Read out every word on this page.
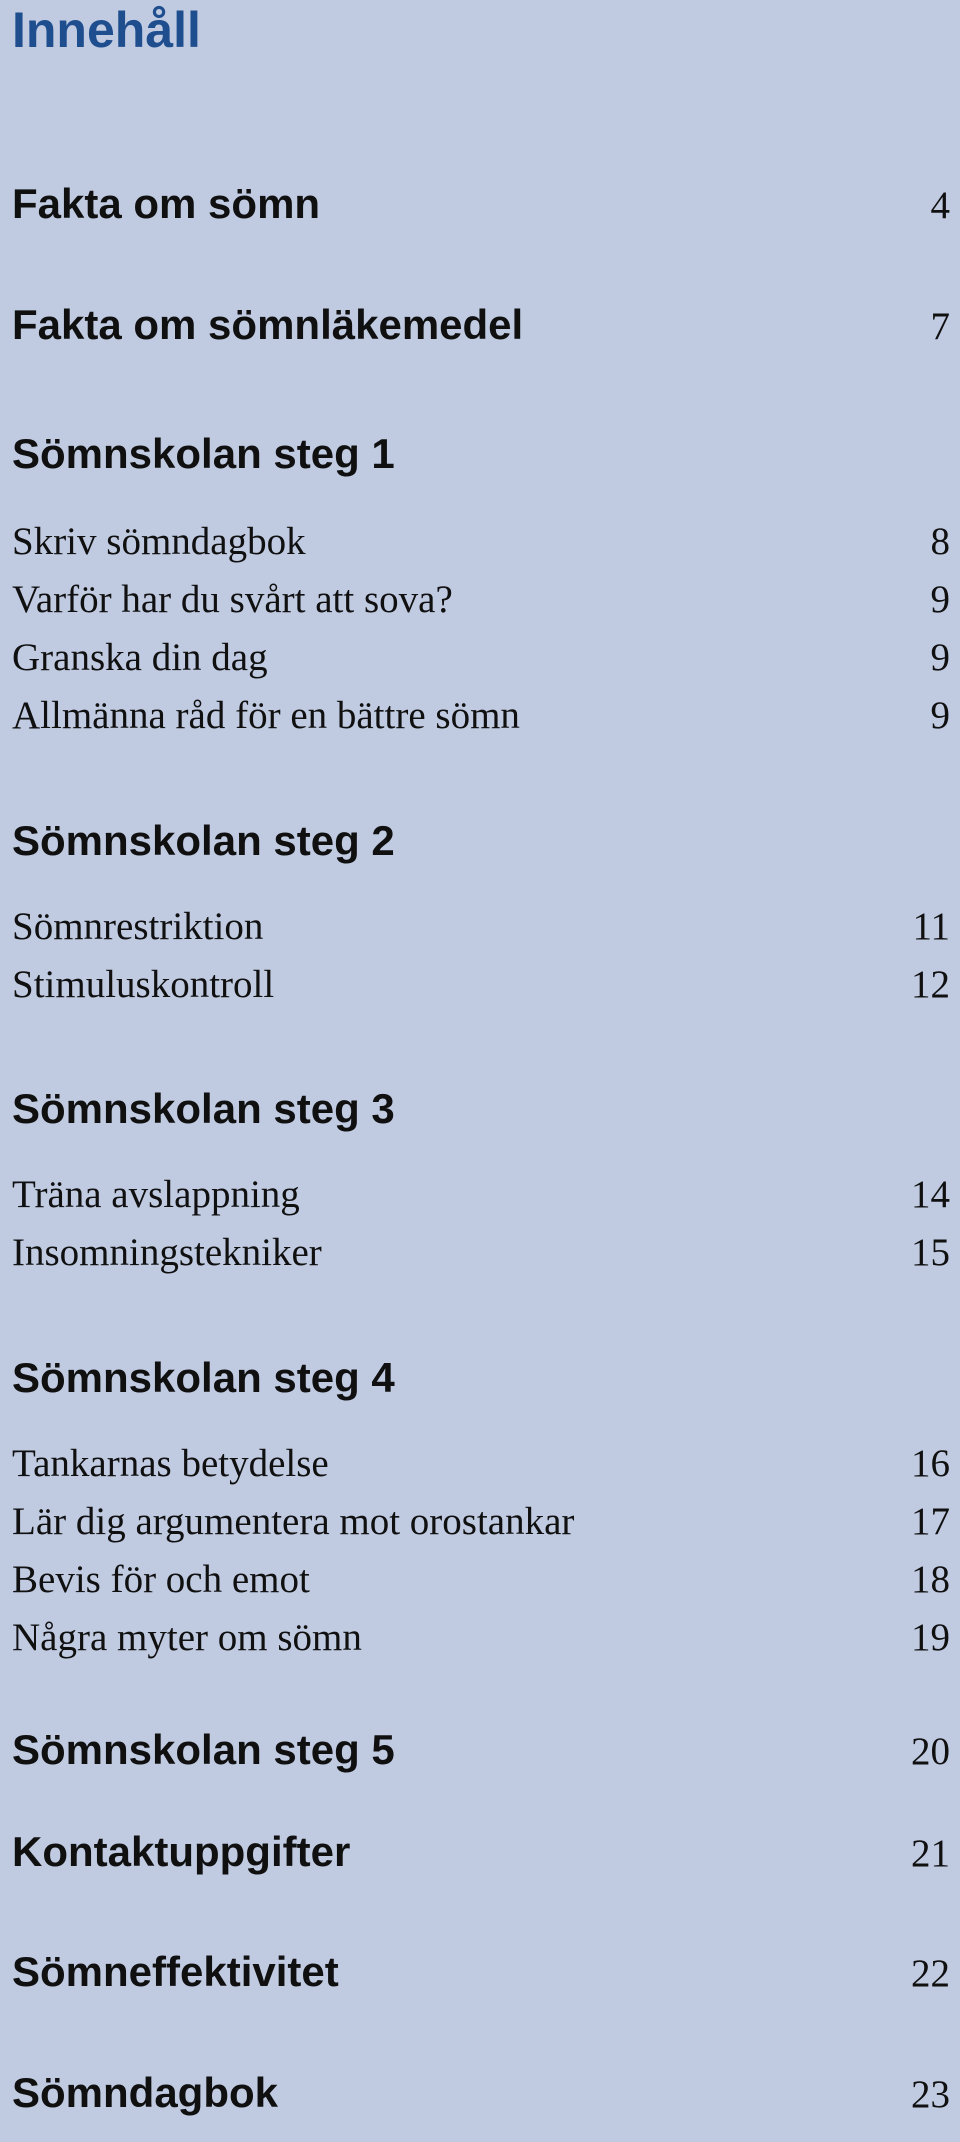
Innehåll
Fakta om sömn	4
Fakta om sömnläkemedel	7
Sömnskolan steg 1
Skriv sömndagbok	8
Varför har du svårt att sova?	9
Granska din dag	9
Allmänna råd för en bättre sömn	9
Sömnskolan steg 2
Sömnrestriktion	11
Stimuluskontroll	12
Sömnskolan steg 3
Träna avslappning	14
Insomningstekniker	15
Sömnskolan steg 4
Tankarnas betydelse	16
Lär dig argumentera mot orostankar	17
Bevis för och emot	18
Några myter om sömn	19
Sömnskolan steg 5	20
Kontaktuppgifter	21
Sömneffektivitet	22
Sömndagbok	23
